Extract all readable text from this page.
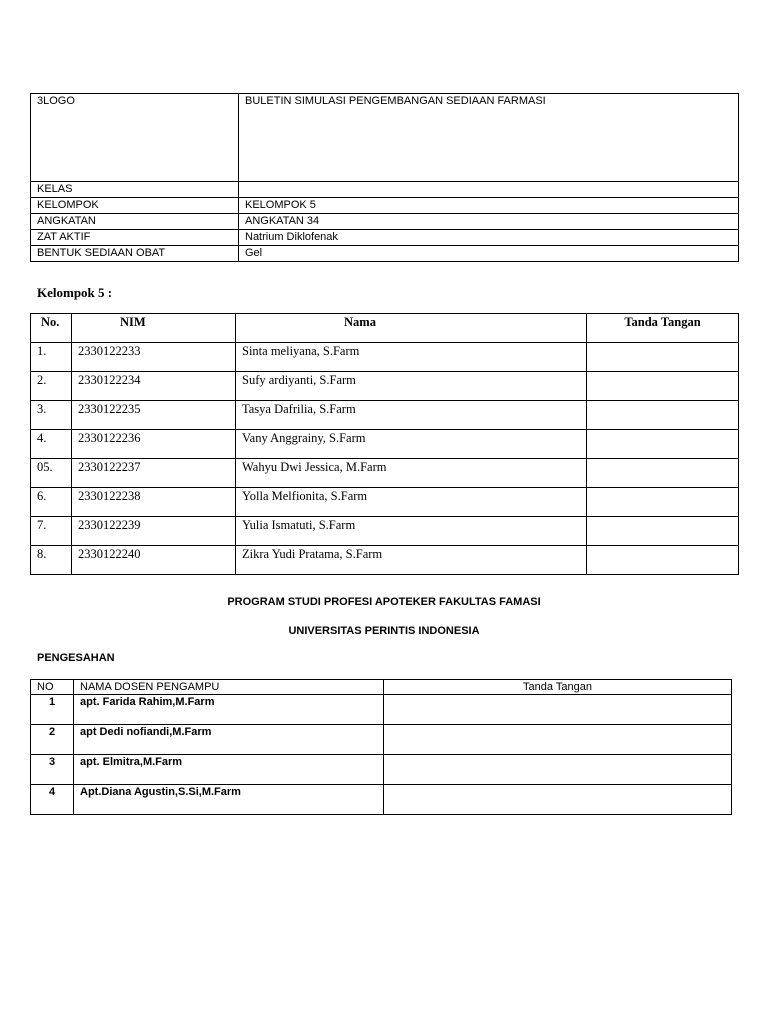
3LOGO	BULETIN SIMULASI PENGEMBANGAN SEDIAAN FARMASI
KELAS	
KELOMPOK	KELOMPOK 5
ANGKATAN	ANGKATAN 34
ZAT AKTIF	Natrium Diklofenak
BENTUK SEDIAAN OBAT	Gel
Kelompok 5 :
No.	NIM	Nama	Tanda Tangan
1.	2330122233	Sinta meliyana, S.Farm	
2.	2330122234	Sufy ardiyanti, S.Farm	
3.	2330122235	Tasya Dafrilia, S.Farm	
4.	2330122236	Vany Anggrainy, S.Farm	
05.	2330122237	Wahyu Dwi Jessica, M.Farm	
6.	2330122238	Yolla Melfionita, S.Farm	
7.	2330122239	Yulia Ismatuti, S.Farm	
8.	2330122240	Zikra Yudi Pratama, S.Farm	
PROGRAM STUDI PROFESI APOTEKER FAKULTAS FAMASI
UNIVERSITAS PERINTIS INDONESIA
PENGESAHAN
NO	NAMA DOSEN PENGAMPU	Tanda Tangan
1	apt. Farida Rahim,M.Farm	
2	apt Dedi nofiandi,M.Farm	
3	apt. Elmitra,M.Farm	
4	Apt.Diana Agustin,S.Si,M.Farm	
